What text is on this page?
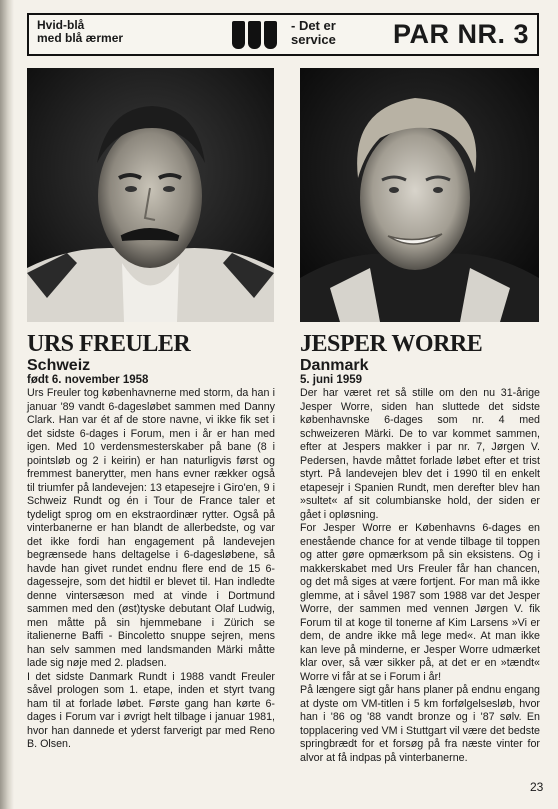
Hvid-blå
med blå ærmer
- Det er
service PAR NR. 3
URS FREULER
Schweiz
født 6. november 1958

Urs Freuler tog københavnerne med storm, da han i januar '89 vandt 6-dagesløbet sammen med Danny Clark. Han var ét af de store navne, vi ikke fik set i det sidste 6-dages i Forum, men i år er han med igen. Med 10 verdensmesterskaber på bane (8 i pointsløb og 2 i keirin) er han naturligvis først og fremmest banerytter, men hans evner rækker også til triumfer på landevejen: 13 etapesejre i Giro'en, 9 i Schweiz Rundt og én i Tour de France taler et tydeligt sprog om en ekstraordinær rytter. Også på vinterbanerne er han blandt de allerbedste, og var det ikke fordi han engagement på landevejen begrænsede hans deltagelse i 6-dagesløbene, så havde han givet rundet endnu flere end de 15 6-dagessejre, som det hidtil er blevet til. Han indledte denne vintersæson med at vinde i Dortmund sammen med den (øst)tyske debutant Olaf Ludwig, men måtte på sin hjemmebane i Zürich se italienerne Baffi - Bincoletto snuppe sejren, mens han selv sammen med landsmanden Märki måtte lade sig nøje med 2. pladsen.

I det sidste Danmark Rundt i 1988 vandt Freuler såvel prologen som 1. etape, inden et styrt tvang ham til at forlade løbet. Første gang han kørte 6-dages i Forum var i øvrigt helt tilbage i januar 1981, hvor han dannede et yderst farverigt par med Reno B. Olsen.

JESPER WORRE
Danmark
5. juni 1959

Der har været ret så stille om den nu 31-årige Jesper Worre, siden han sluttede det sidste københavnske 6-dages som nr. 4 med schweizeren Märki. De to var kommet sammen, efter at Jespers makker i par nr. 7, Jørgen V. Pedersen, havde måttet forlade løbet efter et trist styrt. På landevejen blev det i 1990 til en enkelt etapesejr i Spanien Rundt, men derefter blev han »sultet« af sit columbianske hold, der siden er gået i opløsning.

For Jesper Worre er Københavns 6-dages en enestående chance for at vende tilbage til toppen og atter gøre opmærksom på sin eksistens. Og i makkerskabet med Urs Freuler får han chancen, og det må siges at være fortjent. For man må ikke glemme, at i såvel 1987 som 1988 var det Jesper Worre, der sammen med vennen Jørgen V. fik Forum til at koge til tonerne af Kim Larsens »Vi er dem, de andre ikke må lege med«. At man ikke kan leve på minderne, er Jesper Worre udmærket klar over, så vær sikker på, at det er en »tændt« Worre vi får at se i Forum i år!

På længere sigt går hans planer på endnu engang at dyste om VM-titlen i 5 km forfølgelsesløb, hvor han i '86 og '88 vandt bronze og i '87 sølv. En topplacering ved VM i Stuttgart vil være det bedste springbrædt for et forsøg på fra næste vinter for alvor at få indpas på vinterbanerne.

23
